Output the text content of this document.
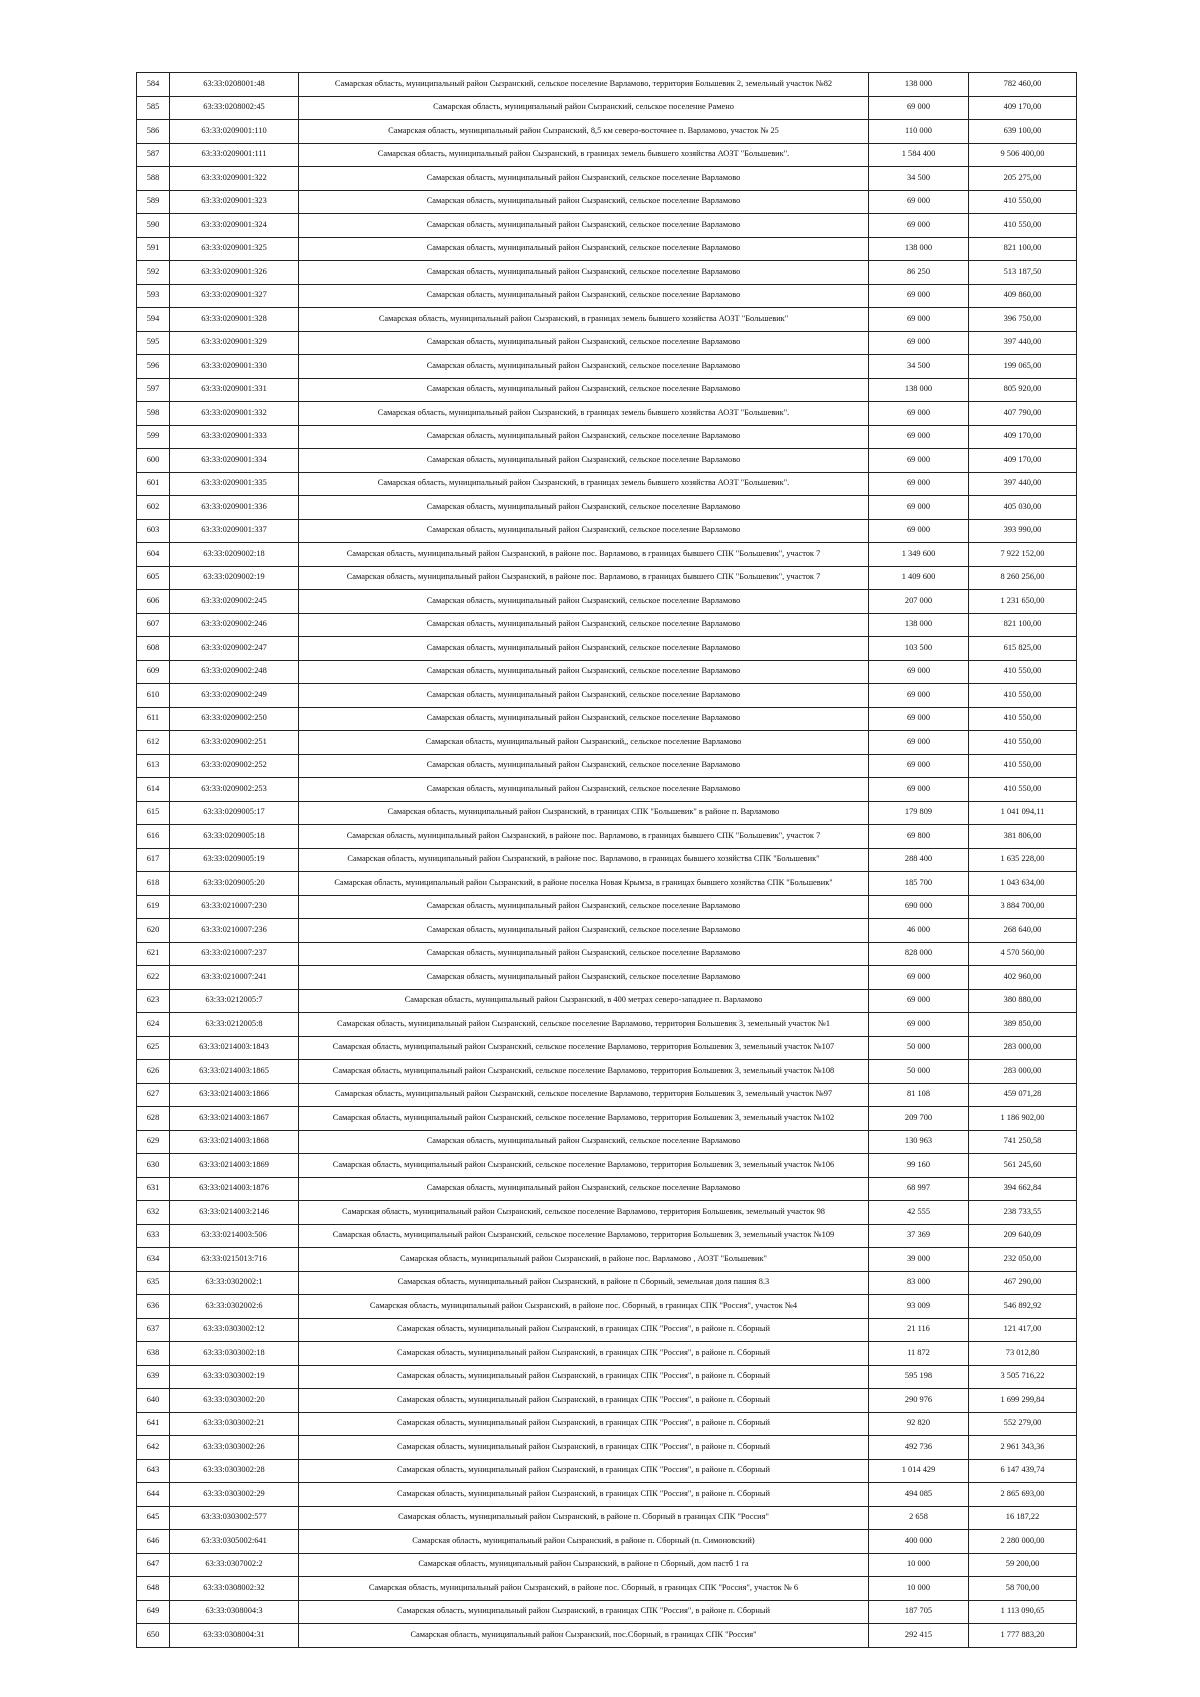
584	63:33:0208001:48	Самарская область, муниципальный район Сызранский, сельское поселение Варламово, территория Большевик 2, земельный участок №82	138 000	782 460,00
585	63:33:0208002:45	Самарская область, муниципальный район Сызранский, сельское поселение Рамено	69 000	409 170,00
586	63:33:0209001:110	Самарская область, муниципальный район Сызранский, 8,5 км северо-восточнее п. Варламово, участок № 25	110 000	639 100,00
587	63:33:0209001:111	Самарская область, муниципальный район Сызранский, в границах земель бывшего хозяйства АОЗТ "Большевик".	1 584 400	9 506 400,00
588	63:33:0209001:322	Самарская область, муниципальный район Сызранский, сельское поселение Варламово	34 500	205 275,00
589	63:33:0209001:323	Самарская область, муниципальный район Сызранский, сельское поселение Варламово	69 000	410 550,00
590	63:33:0209001:324	Самарская область, муниципальный район Сызранский, сельское поселение Варламово	69 000	410 550,00
591	63:33:0209001:325	Самарская область, муниципальный район Сызранский, сельское поселение Варламово	138 000	821 100,00
592	63:33:0209001:326	Самарская область, муниципальный район Сызранский, сельское поселение Варламово	86 250	513 187,50
593	63:33:0209001:327	Самарская область, муниципальный район Сызранский, сельское поселение Варламово	69 000	409 860,00
594	63:33:0209001:328	Самарская область, муниципальный район Сызранский, в границах земель бывшего хозяйства АОЗТ "Большевик"	69 000	396 750,00
595	63:33:0209001:329	Самарская область, муниципальный район Сызранский, сельское поселение Варламово	69 000	397 440,00
596	63:33:0209001:330	Самарская область, муниципальный район Сызранский, сельское поселение Варламово	34 500	199 065,00
597	63:33:0209001:331	Самарская область, муниципальный район Сызранский, сельское поселение Варламово	138 000	805 920,00
598	63:33:0209001:332	Самарская область, муниципальный район Сызранский, в границах земель бывшего хозяйства АОЗТ "Большевик".	69 000	407 790,00
599	63:33:0209001:333	Самарская область, муниципальный район Сызранский, сельское поселение Варламово	69 000	409 170,00
600	63:33:0209001:334	Самарская область, муниципальный район Сызранский, сельское поселение Варламово	69 000	409 170,00
601	63:33:0209001:335	Самарская область, муниципальный район Сызранский, в границах земель бывшего хозяйства АОЗТ "Большевик".	69 000	397 440,00
602	63:33:0209001:336	Самарская область, муниципальный район Сызранский, сельское поселение Варламово	69 000	405 030,00
603	63:33:0209001:337	Самарская область, муниципальный район Сызранский, сельское поселение Варламово	69 000	393 990,00
604	63:33:0209002:18	Самарская область, муниципальный район Сызранский, в районе пос. Варламово, в границах бывшего СПК "Большевик", участок 7	1 349 600	7 922 152,00
605	63:33:0209002:19	Самарская область, муниципальный район Сызранский, в районе пос. Варламово, в границах бывшего СПК "Большевик", участок 7	1 409 600	8 260 256,00
606	63:33:0209002:245	Самарская область, муниципальный район Сызранский, сельское поселение Варламово	207 000	1 231 650,00
607	63:33:0209002:246	Самарская область, муниципальный район Сызранский, сельское поселение Варламово	138 000	821 100,00
608	63:33:0209002:247	Самарская область, муниципальный район Сызранский, сельское поселение Варламово	103 500	615 825,00
609	63:33:0209002:248	Самарская область, муниципальный район Сызранский, сельское поселение Варламово	69 000	410 550,00
610	63:33:0209002:249	Самарская область, муниципальный район Сызранский, сельское поселение Варламово	69 000	410 550,00
611	63:33:0209002:250	Самарская область, муниципальный район Сызранский, сельское поселение Варламово	69 000	410 550,00
612	63:33:0209002:251	Самарская область, муниципальный район Сызранский,, сельское поселение Варламово	69 000	410 550,00
613	63:33:0209002:252	Самарская область, муниципальный район Сызранский, сельское поселение Варламово	69 000	410 550,00
614	63:33:0209002:253	Самарская область, муниципальный район Сызранский, сельское поселение Варламово	69 000	410 550,00
615	63:33:0209005:17	Самарская область, муниципальный район Сызранский, в границах СПК "Большевик" в районе п. Варламово	179 809	1 041 094,11
616	63:33:0209005:18	Самарская область, муниципальный район Сызранский, в районе пос. Варламово, в границах бывшего СПК "Большевик", участок 7	69 800	381 806,00
617	63:33:0209005:19	Самарская область, муниципальный район Сызранский, в районе пос. Варламово, в границах бывшего хозяйства СПК "Большевик"	288 400	1 635 228,00
618	63:33:0209005:20	Самарская область, муниципальный район Сызранский, в районе поселка Новая Крымза, в границах бывшего хозяйства СПК "Большевик"	185 700	1 043 634,00
619	63:33:0210007:230	Самарская область, муниципальный район Сызранский, сельское поселение Варламово	690 000	3 884 700,00
620	63:33:0210007:236	Самарская область, муниципальный район Сызранский, сельское поселение Варламово	46 000	268 640,00
621	63:33:0210007:237	Самарская область, муниципальный район Сызранский, сельское поселение Варламово	828 000	4 570 560,00
622	63:33:0210007:241	Самарская область, муниципальный район Сызранский, сельское поселение Варламово	69 000	402 960,00
623	63:33:0212005:7	Самарская область, муниципальный район Сызранский, в 400 метрах северо-западнее п. Варламово	69 000	380 880,00
624	63:33:0212005:8	Самарская область, муниципальный район Сызранский, сельское поселение Варламово, территория Большевик 3, земельный участок №1	69 000	389 850,00
625	63:33:0214003:1843	Самарская область, муниципальный район Сызранский, сельское поселение Варламово, территория Большевик 3, земельный участок №107	50 000	283 000,00
626	63:33:0214003:1865	Самарская область, муниципальный район Сызранский, сельское поселение Варламово, территория Большевик 3, земельный участок №108	50 000	283 000,00
627	63:33:0214003:1866	Самарская область, муниципальный район Сызранский, сельское поселение Варламово, территория Большевик 3, земельный участок №97	81 108	459 071,28
628	63:33:0214003:1867	Самарская область, муниципальный район Сызранский, сельское поселение Варламово, территория Большевик 3, земельный участок №102	209 700	1 186 902,00
629	63:33:0214003:1868	Самарская область, муниципальный район Сызранский, сельское поселение Варламово	130 963	741 250,58
630	63:33:0214003:1869	Самарская область, муниципальный район Сызранский, сельское поселение Варламово, территория Большевик 3, земельный участок №106	99 160	561 245,60
631	63:33:0214003:1876	Самарская область, муниципальный район Сызранский, сельское поселение Варламово	68 997	394 662,84
632	63:33:0214003:2146	Самарская область, муниципальный район Сызранский, сельское поселение Варламово, территория Большевик, земельный участок 98	42 555	238 733,55
633	63:33:0214003:506	Самарская область, муниципальный район Сызранский, сельское поселение Варламово, территория Большевик 3, земельный участок №109	37 369	209 640,09
634	63:33:0215013:716	Самарская область, муниципальный район Сызранский, в районе пос. Варламово , АОЗТ "Большевик"	39 000	232 050,00
635	63:33:0302002:1	Самарская область, муниципальный район Сызранский, в районе п Сборный, земельная доля пашня 8.3	83 000	467 290,00
636	63:33:0302002:6	Самарская область, муниципальный район Сызранский, в районе пос. Сборный, в границах СПК "Россия", участок №4	93 009	546 892,92
637	63:33:0303002:12	Самарская область, муниципальный район Сызранский, в границах СПК "Россия", в районе п. Сборный	21 116	121 417,00
638	63:33:0303002:18	Самарская область, муниципальный район Сызранский, в границах СПК "Россия", в районе п. Сборный	11 872	73 012,80
639	63:33:0303002:19	Самарская область, муниципальный район Сызранский, в границах СПК "Россия", в районе п. Сборный	595 198	3 505 716,22
640	63:33:0303002:20	Самарская область, муниципальный район Сызранский, в границах СПК "Россия", в районе п. Сборный	290 976	1 699 299,84
641	63:33:0303002:21	Самарская область, муниципальный район Сызранский, в границах СПК "Россия", в районе п. Сборный	92 820	552 279,00
642	63:33:0303002:26	Самарская область, муниципальный район Сызранский, в границах СПК "Россия", в районе п. Сборный	492 736	2 961 343,36
643	63:33:0303002:28	Самарская область, муниципальный район Сызранский, в границах СПК "Россия", в районе п. Сборный	1 014 429	6 147 439,74
644	63:33:0303002:29	Самарская область, муниципальный район Сызранский, в границах СПК "Россия", в районе п. Сборный	494 085	2 865 693,00
645	63:33:0303002:577	Самарская область, муниципальный район Сызранский, в районе п. Сборный в границах СПК "Россия"	2 658	16 187,22
646	63:33:0305002:641	Самарская область, муниципальный район Сызранский, в районе п. Сборный (п. Симоновский)	400 000	2 280 000,00
647	63:33:0307002:2	Самарская область, муниципальный район Сызранский, в районе п Сборный, дом пастб 1 га	10 000	59 200,00
648	63:33:0308002:32	Самарская область, муниципальный район Сызранский, в районе пос. Сборный, в границах СПК "Россия", участок № 6	10 000	58 700,00
649	63:33:0308004:3	Самарская область, муниципальный район Сызранский, в границах СПК "Россия", в районе п. Сборный	187 705	1 113 090,65
650	63:33:0308004:31	Самарская область, муниципальный район Сызранский, пос.Сборный, в границах СПК "Россия"	292 415	1 777 883,20
